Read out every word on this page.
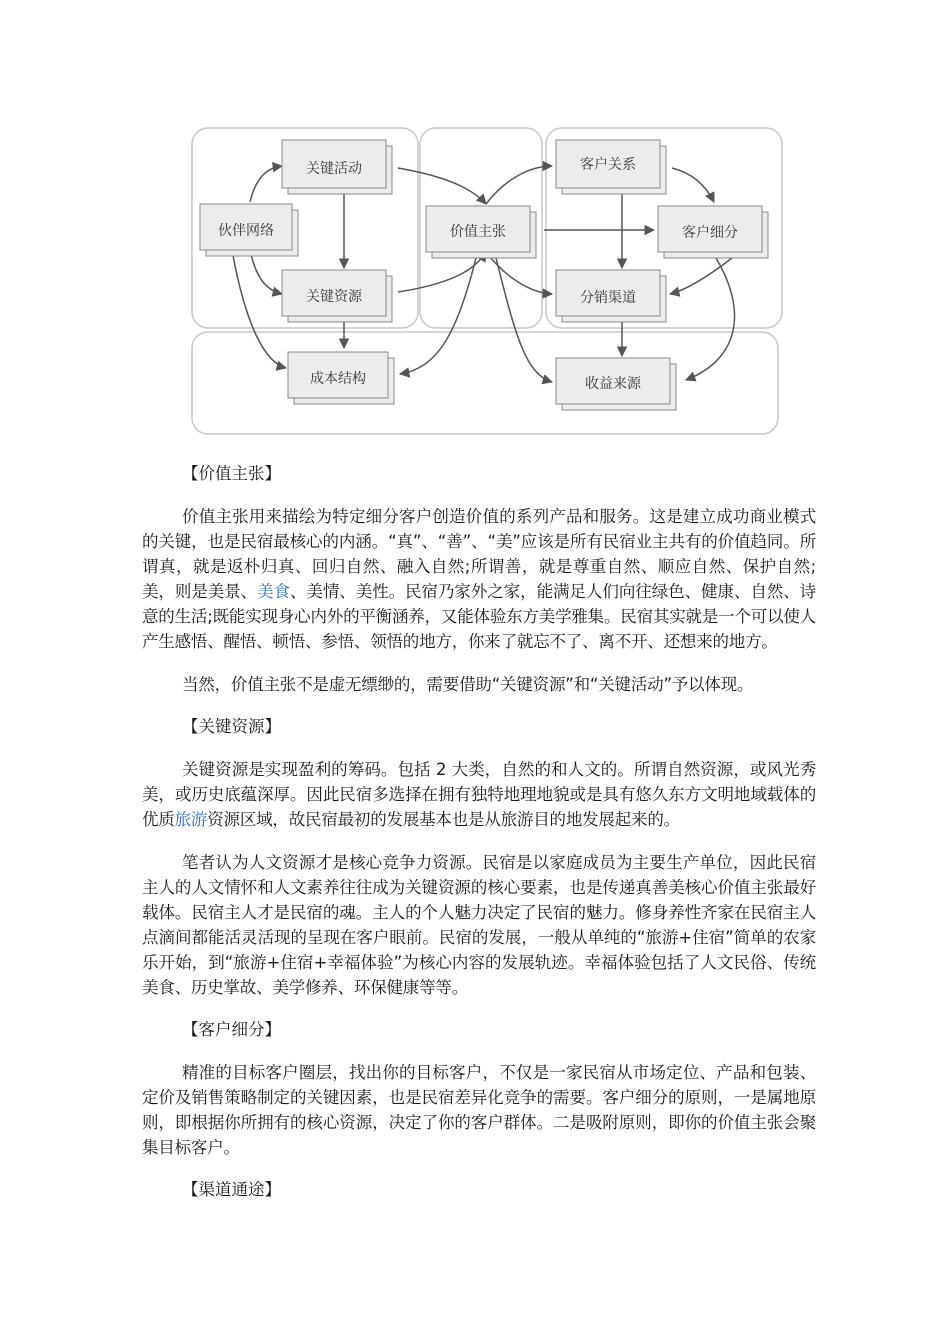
关键活动
伙伴网络
关键资源
成本结构
价值主张
客户关系
客户细分
分销渠道
收益来源
【价值主张】

价值主张用来描绘为特定细分客户创造价值的系列产品和服务。这是建立成功商业模式的关键，也是民宿最核心的内涵。“真”、“善”、“美”应该是所有民宿业主共有的价值趋同。所谓真，就是返朴归真、回归自然、融入自然;所谓善，就是尊重自然、顺应自然、保护自然;美，则是美景、美食、美情、美性。民宿乃家外之家，能满足人们向往绿色、健康、自然、诗意的生活;既能实现身心内外的平衡涵养，又能体验东方美学雅集。民宿其实就是一个可以使人产生感悟、醒悟、顿悟、参悟、领悟的地方，你来了就忘不了、离不开、还想来的地方。

当然，价值主张不是虚无缥缈的，需要借助“关键资源”和“关键活动”予以体现。

【关键资源】

关键资源是实现盈利的筹码。包括 2 大类，自然的和人文的。所谓自然资源，或风光秀美，或历史底蕴深厚。因此民宿多选择在拥有独特地理地貌或是具有悠久东方文明地域载体的优质旅游资源区域，故民宿最初的发展基本也是从旅游目的地发展起来的。

笔者认为人文资源才是核心竞争力资源。民宿是以家庭成员为主要生产单位，因此民宿主人的人文情怀和人文素养往往成为关键资源的核心要素，也是传递真善美核心价值主张最好载体。民宿主人才是民宿的魂。主人的个人魅力决定了民宿的魅力。修身养性齐家在民宿主人点滴间都能活灵活现的呈现在客户眼前。民宿的发展，一般从单纯的“旅游+住宿”简单的农家乐开始，到“旅游+住宿+幸福体验”为核心内容的发展轨迹。幸福体验包括了人文民俗、传统美食、历史掌故、美学修养、环保健康等等。

【客户细分】

精准的目标客户圈层，找出你的目标客户，不仅是一家民宿从市场定位、产品和包装、定价及销售策略制定的关键因素，也是民宿差异化竞争的需要。客户细分的原则，一是属地原则，即根据你所拥有的核心资源，决定了你的客户群体。二是吸附原则，即你的价值主张会聚集目标客户。

【渠道通途】
